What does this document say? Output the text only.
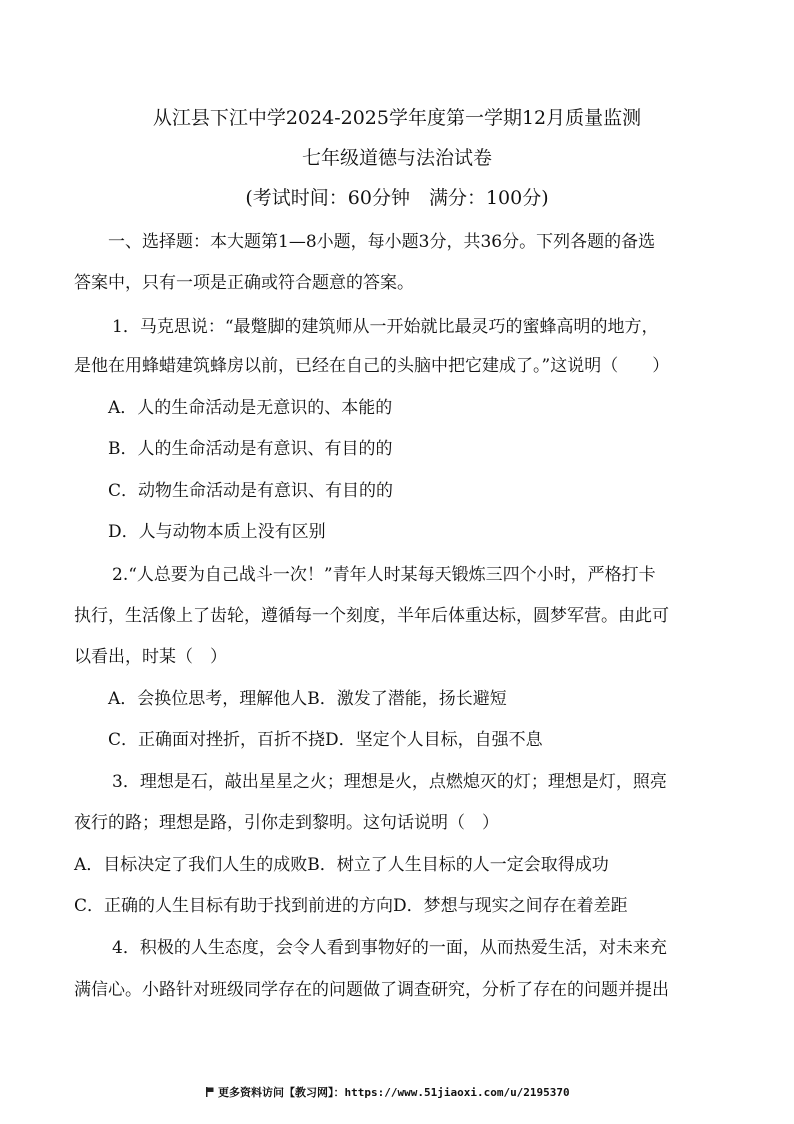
从江县下江中学2024-2025学年度第一学期12月质量监测
七年级道德与法治试卷
(考试时间：60分钟　满分：100分)
一、选择题：本大题第1—8小题，每小题3分，共36分。下列各题的备选
答案中，只有一项是正确或符合题意的答案。
1．马克思说：“最蹩脚的建筑师从一开始就比最灵巧的蜜蜂高明的地方，
是他在用蜂蜡建筑蜂房以前，已经在自己的头脑中把它建成了。”这说明（　　）
A．人的生命活动是无意识的、本能的
B．人的生命活动是有意识、有目的的
C．动物生命活动是有意识、有目的的
D．人与动物本质上没有区别
2.“人总要为自己战斗一次！”青年人时某每天锻炼三四个小时，严格打卡
执行，生活像上了齿轮，遵循每一个刻度，半年后体重达标，圆梦军营。由此可
以看出，时某（　）
A．会换位思考，理解他人B．激发了潜能，扬长避短
C．正确面对挫折，百折不挠D．坚定个人目标，自强不息
3．理想是石，敲出星星之火；理想是火，点燃熄灭的灯；理想是灯，照亮
夜行的路；理想是路，引你走到黎明。这句话说明（　）
A．目标决定了我们人生的成败B．树立了人生目标的人一定会取得成功
C．正确的人生目标有助于找到前进的方向D．梦想与现实之间存在着差距
4．积极的人生态度，会令人看到事物好的一面，从而热爱生活，对未来充
满信心。小路针对班级同学存在的问题做了调查研究，分析了存在的问题并提出
更多资料访问【教习网】：https://www.51jiaoxi.com/u/2195370
